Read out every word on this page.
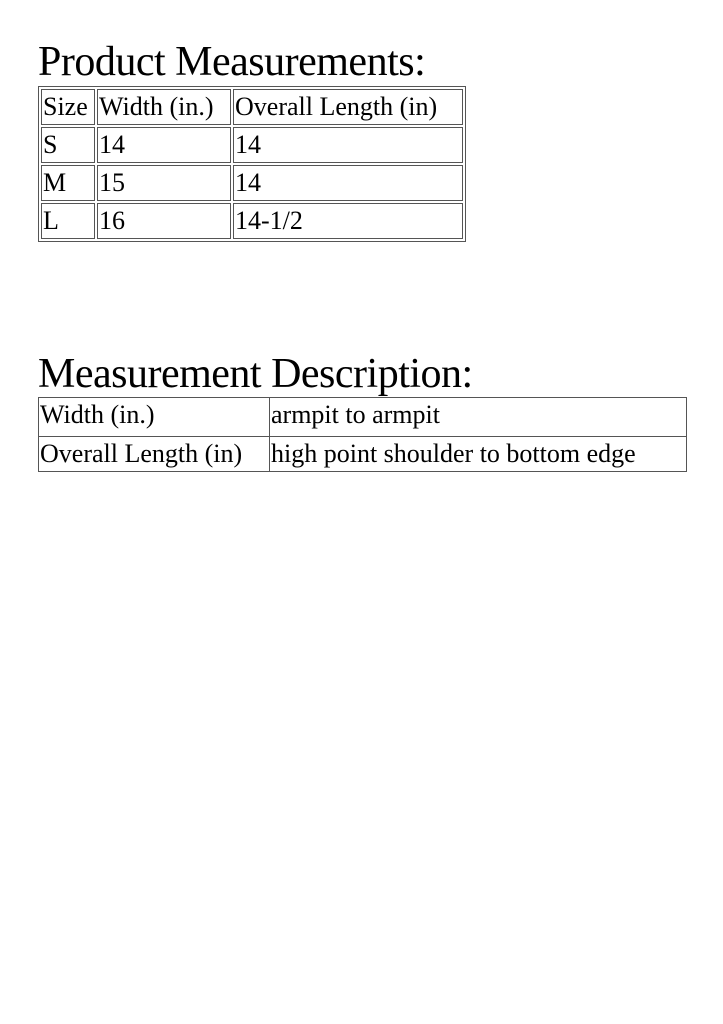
Product Measurements:
Size	Width (in.)	Overall Length (in)
S	14	14
M	15	14
L	16	14-1/2
Measurement Description:
Width (in.)	armpit to armpit
Overall Length (in)	high point shoulder to bottom edge
